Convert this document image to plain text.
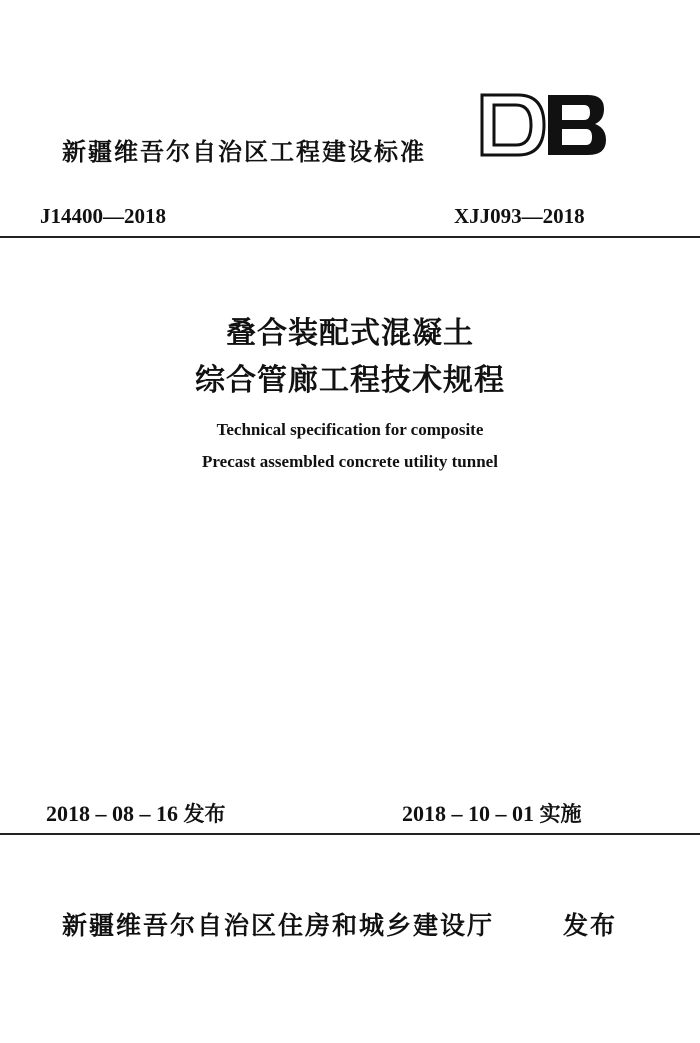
新疆维吾尔自治区工程建设标准
J14400—2018	XJJ093—2018
叠合装配式混凝土
综合管廊工程技术规程
Technical specification for composite
Precast assembled concrete utility tunnel
2018 – 08 – 16 发布	2018 – 10 – 01 实施
新疆维吾尔自治区住房和城乡建设厅	发布
